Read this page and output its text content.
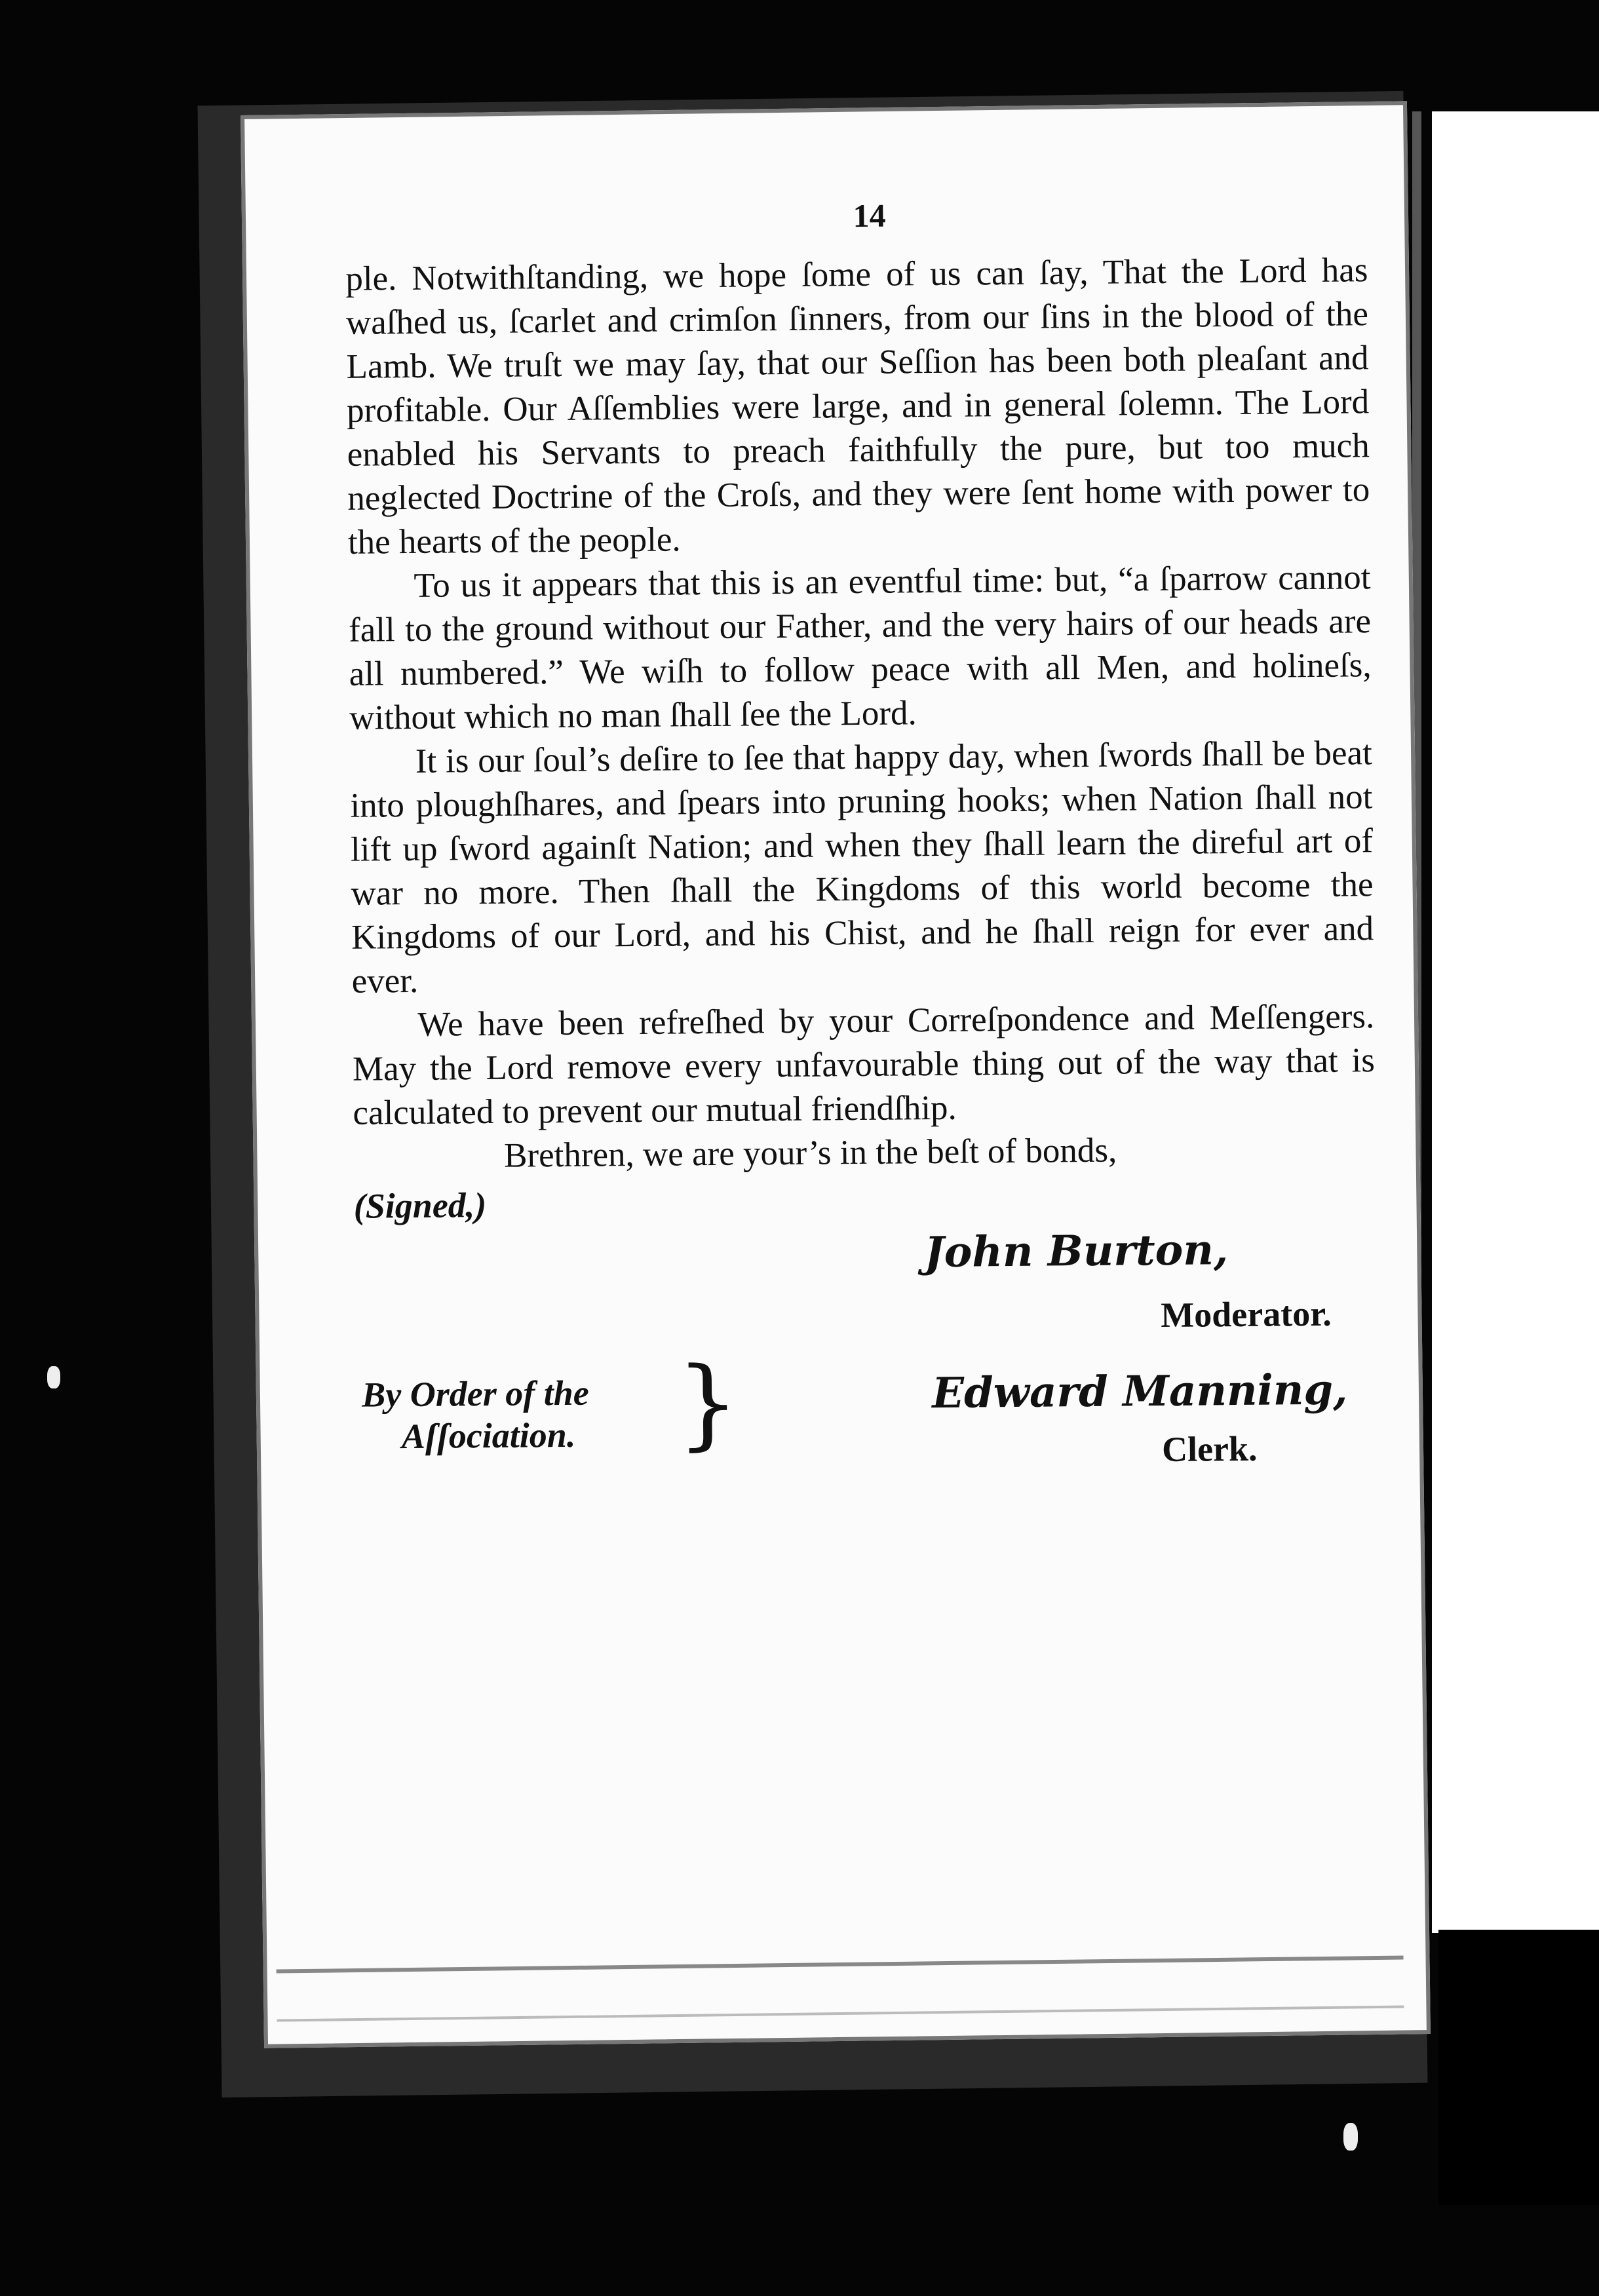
14

ple. Notwithſtanding, we hope ſome of us can ſay, That the Lord has waſhed us, ſcarlet and crimſon ſinners, from our ſins in the blood of the Lamb. We truſt we may ſay, that our Seſſion has been both pleaſant and profitable. Our Aſſemblies were large, and in general ſolemn. The Lord enabled his Servants to preach faithfully the pure, but too much neglected Doctrine of the Croſs, and they were ſent home with power to the hearts of the people.

To us it appears that this is an eventful time: but, “a ſparrow cannot fall to the ground without our Father, and the very hairs of our heads are all numbered.” We wiſh to follow peace with all Men, and holineſs, without which no man ſhall ſee the Lord.

It is our ſoul’s deſire to ſee that happy day, when ſwords ſhall be beat into ploughſhares, and ſpears into pruning hooks; when Nation ſhall not lift up ſword againſt Nation; and when they ſhall learn the direful art of war no more. Then ſhall the Kingdoms of this world become the Kingdoms of our Lord, and his Chist, and he ſhall reign for ever and ever.

We have been refreſhed by your Correſpondence and Meſſengers. May the Lord remove every unfavourable thing out of the way that is calculated to prevent our mutual friendſhip.

Brethren, we are your’s in the beſt of bonds,
(Signed,)
John Burton,
Moderator.
By Order of the
Aſſociation. }	Edward Manning,
Clerk.
